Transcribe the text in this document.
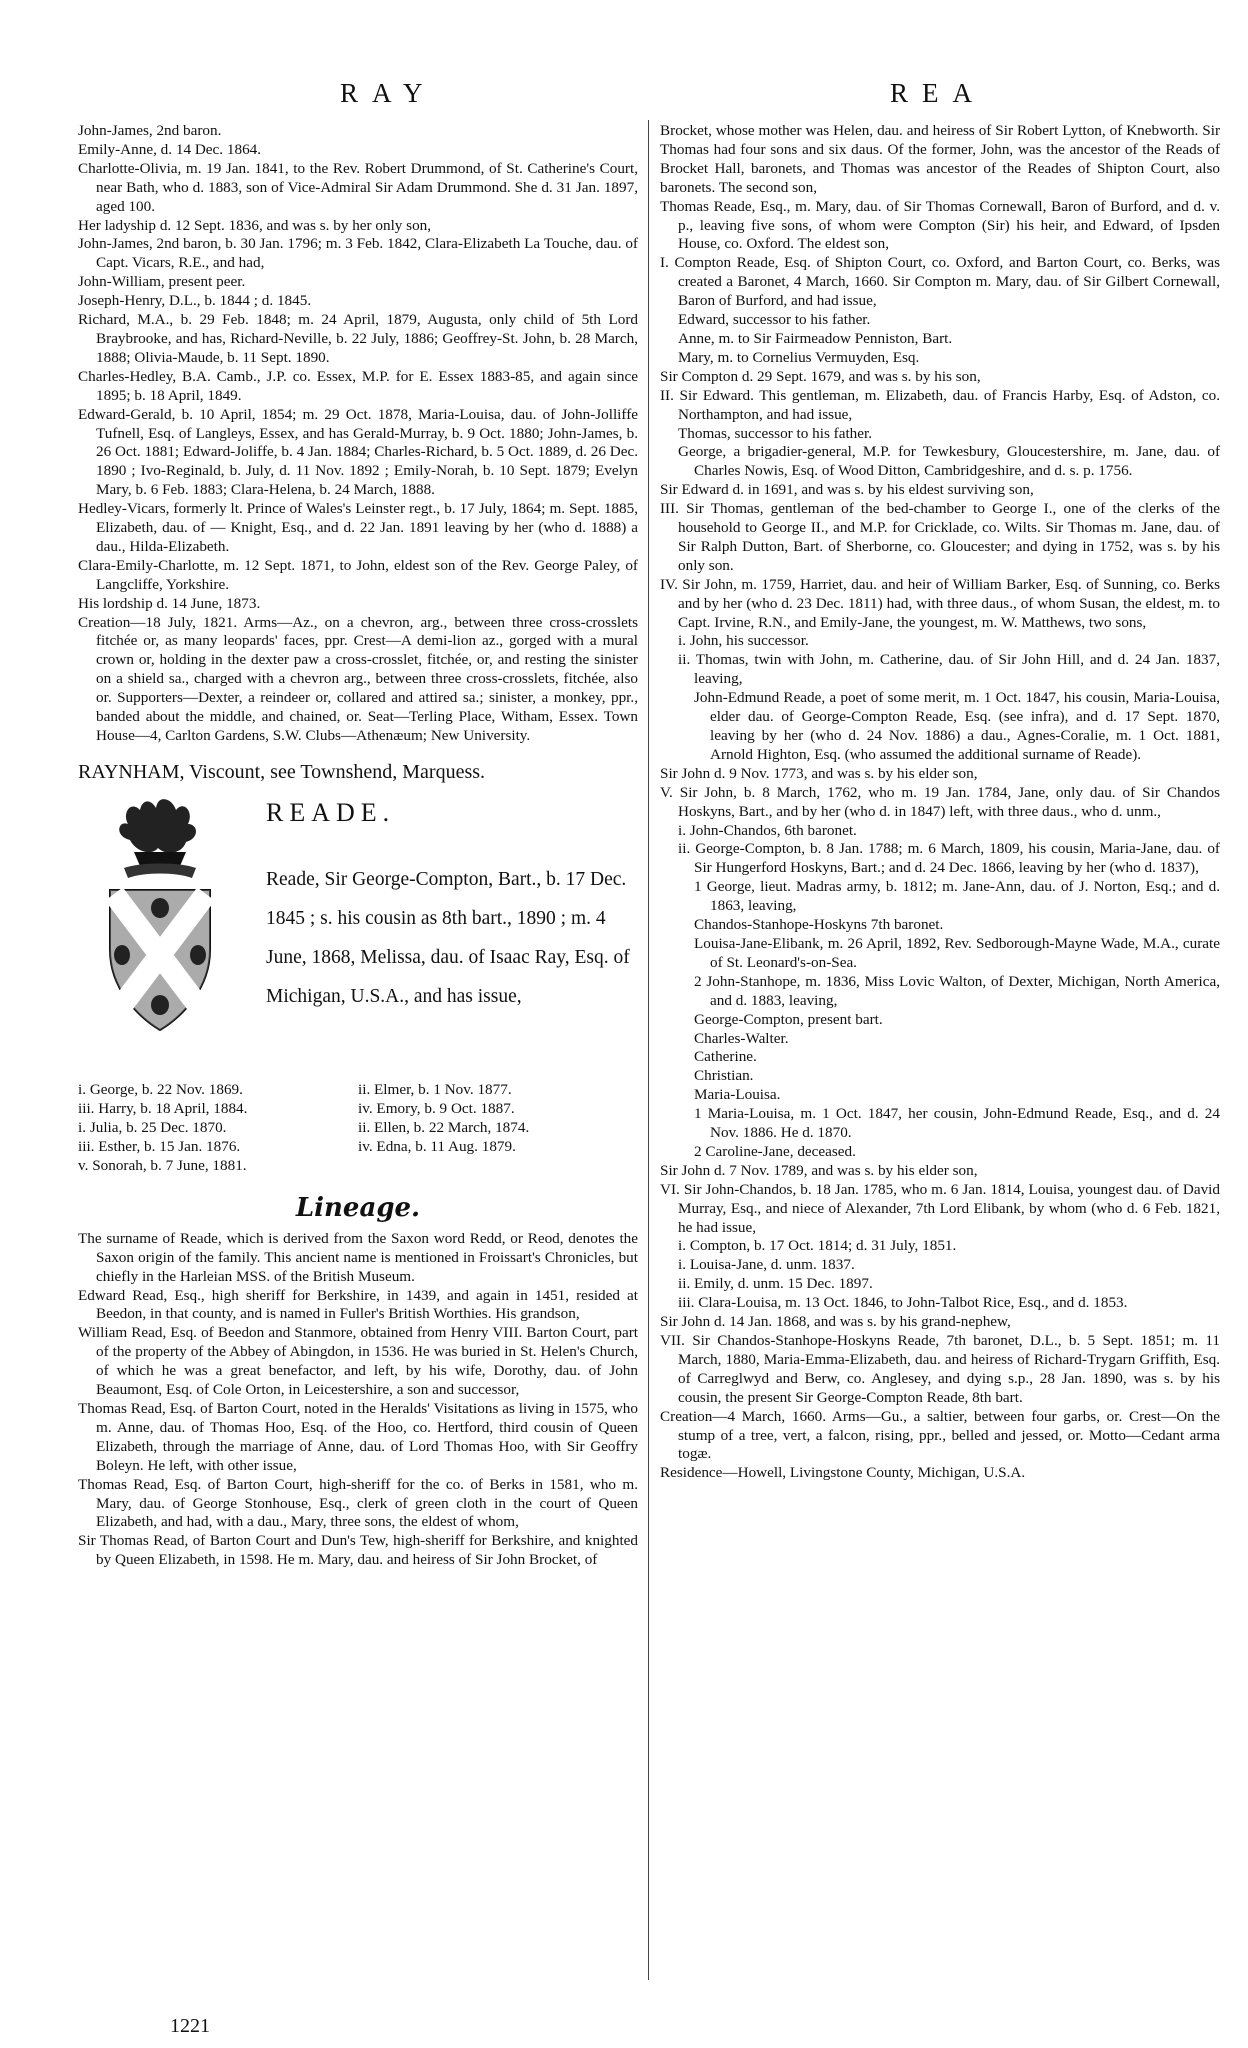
RAY	REA

John-James, 2nd baron.

Emily-Anne, d. 14 Dec. 1864.

Charlotte-Olivia, m. 19 Jan. 1841, to the Rev. Robert Drummond, of St. Catherine's Court, near Bath, who d. 1883, son of Vice-Admiral Sir Adam Drummond. She d. 31 Jan. 1897, aged 100.

Her ladyship d. 12 Sept. 1836, and was s. by her only son,

John-James, 2nd baron, b. 30 Jan. 1796; m. 3 Feb. 1842, Clara-Elizabeth La Touche, dau. of Capt. Vicars, R.E., and had,

John-William, present peer.

Joseph-Henry, D.L., b. 1844 ; d. 1845.

Richard, M.A., b. 29 Feb. 1848; m. 24 April, 1879, Augusta, only child of 5th Lord Braybrooke, and has, Richard-Neville, b. 22 July, 1886; Geoffrey-St. John, b. 28 March, 1888; Olivia-Maude, b. 11 Sept. 1890.

Charles-Hedley, B.A. Camb., J.P. co. Essex, M.P. for E. Essex 1883-85, and again since 1895; b. 18 April, 1849.

Edward-Gerald, b. 10 April, 1854; m. 29 Oct. 1878, Maria-Louisa, dau. of John-Jolliffe Tufnell, Esq. of Langleys, Essex, and has Gerald-Murray, b. 9 Oct. 1880; John-James, b. 26 Oct. 1881; Edward-Joliffe, b. 4 Jan. 1884; Charles-Richard, b. 5 Oct. 1889, d. 26 Dec. 1890 ; Ivo-Reginald, b. July, d. 11 Nov. 1892 ; Emily-Norah, b. 10 Sept. 1879; Evelyn Mary, b. 6 Feb. 1883; Clara-Helena, b. 24 March, 1888.

Hedley-Vicars, formerly lt. Prince of Wales's Leinster regt., b. 17 July, 1864; m. Sept. 1885, Elizabeth, dau. of — Knight, Esq., and d. 22 Jan. 1891 leaving by her (who d. 1888) a dau., Hilda-Elizabeth.

Clara-Emily-Charlotte, m. 12 Sept. 1871, to John, eldest son of the Rev. George Paley, of Langcliffe, Yorkshire.

His lordship d. 14 June, 1873.

Creation—18 July, 1821. Arms—Az., on a chevron, arg., between three cross-crosslets fitchée or, as many leopards' faces, ppr. Crest—A demi-lion az., gorged with a mural crown or, holding in the dexter paw a cross-crosslet, fitchée, or, and resting the sinister on a shield sa., charged with a chevron arg., between three cross-crosslets, fitchée, also or. Supporters—Dexter, a reindeer or, collared and attired sa.; sinister, a monkey, ppr., banded about the middle, and chained, or. Seat—Terling Place, Witham, Essex. Town House—4, Carlton Gardens, S.W. Clubs—Athenæum; New University.

RAYNHAM, Viscount, see Townshend, Marquess.
READE.
Reade, Sir George-Compton, Bart., b. 17 Dec. 1845 ; s. his cousin as 8th bart., 1890 ; m. 4 June, 1868, Melissa, dau. of Isaac Ray, Esq. of Michigan, U.S.A., and has issue,
i. George, b. 22 Nov. 1869.	ii. Elmer, b. 1 Nov. 1877.
iii. Harry, b. 18 April, 1884.	iv. Emory, b. 9 Oct. 1887.
i. Julia, b. 25 Dec. 1870.	ii. Ellen, b. 22 March, 1874.
iii. Esther, b. 15 Jan. 1876.	iv. Edna, b. 11 Aug. 1879.
v. Sonorah, b. 7 June, 1881.
Lineage.

The surname of Reade, which is derived from the Saxon word Redd, or Reod, denotes the Saxon origin of the family. This ancient name is mentioned in Froissart's Chronicles, but chiefly in the Harleian MSS. of the British Museum.

Edward Read, Esq., high sheriff for Berkshire, in 1439, and again in 1451, resided at Beedon, in that county, and is named in Fuller's British Worthies. His grandson,

William Read, Esq. of Beedon and Stanmore, obtained from Henry VIII. Barton Court, part of the property of the Abbey of Abingdon, in 1536. He was buried in St. Helen's Church, of which he was a great benefactor, and left, by his wife, Dorothy, dau. of John Beaumont, Esq. of Cole Orton, in Leicestershire, a son and successor,

Thomas Read, Esq. of Barton Court, noted in the Heralds' Visitations as living in 1575, who m. Anne, dau. of Thomas Hoo, Esq. of the Hoo, co. Hertford, third cousin of Queen Elizabeth, through the marriage of Anne, dau. of Lord Thomas Hoo, with Sir Geoffry Boleyn. He left, with other issue,

Thomas Read, Esq. of Barton Court, high-sheriff for the co. of Berks in 1581, who m. Mary, dau. of George Stonhouse, Esq., clerk of green cloth in the court of Queen Elizabeth, and had, with a dau., Mary, three sons, the eldest of whom,

Sir Thomas Read, of Barton Court and Dun's Tew, high-sheriff for Berkshire, and knighted by Queen Elizabeth, in 1598. He m. Mary, dau. and heiress of Sir John Brocket, of

Brocket, whose mother was Helen, dau. and heiress of Sir Robert Lytton, of Knebworth. Sir Thomas had four sons and six daus. Of the former, John, was the ancestor of the Reads of Brocket Hall, baronets, and Thomas was ancestor of the Reades of Shipton Court, also baronets. The second son,

Thomas Reade, Esq., m. Mary, dau. of Sir Thomas Cornewall, Baron of Burford, and d. v. p., leaving five sons, of whom were Compton (Sir) his heir, and Edward, of Ipsden House, co. Oxford. The eldest son,

I. Compton Reade, Esq. of Shipton Court, co. Oxford, and Barton Court, co. Berks, was created a Baronet, 4 March, 1660. Sir Compton m. Mary, dau. of Sir Gilbert Cornewall, Baron of Burford, and had issue,

Edward, successor to his father.

Anne, m. to Sir Fairmeadow Penniston, Bart.

Mary, m. to Cornelius Vermuyden, Esq.

Sir Compton d. 29 Sept. 1679, and was s. by his son,

II. Sir Edward. This gentleman, m. Elizabeth, dau. of Francis Harby, Esq. of Adston, co. Northampton, and had issue,

Thomas, successor to his father.

George, a brigadier-general, M.P. for Tewkesbury, Gloucestershire, m. Jane, dau. of Charles Nowis, Esq. of Wood Ditton, Cambridgeshire, and d. s. p. 1756.

Sir Edward d. in 1691, and was s. by his eldest surviving son,

III. Sir Thomas, gentleman of the bed-chamber to George I., one of the clerks of the household to George II., and M.P. for Cricklade, co. Wilts. Sir Thomas m. Jane, dau. of Sir Ralph Dutton, Bart. of Sherborne, co. Gloucester; and dying in 1752, was s. by his only son.

IV. Sir John, m. 1759, Harriet, dau. and heir of William Barker, Esq. of Sunning, co. Berks and by her (who d. 23 Dec. 1811) had, with three daus., of whom Susan, the eldest, m. to Capt. Irvine, R.N., and Emily-Jane, the youngest, m. W. Matthews, two sons,

i. John, his successor.

ii. Thomas, twin with John, m. Catherine, dau. of Sir John Hill, and d. 24 Jan. 1837, leaving,

John-Edmund Reade, a poet of some merit, m. 1 Oct. 1847, his cousin, Maria-Louisa, elder dau. of George-Compton Reade, Esq. (see infra), and d. 17 Sept. 1870, leaving by her (who d. 24 Nov. 1886) a dau., Agnes-Coralie, m. 1 Oct. 1881, Arnold Highton, Esq. (who assumed the additional surname of Reade).

Sir John d. 9 Nov. 1773, and was s. by his elder son,

V. Sir John, b. 8 March, 1762, who m. 19 Jan. 1784, Jane, only dau. of Sir Chandos Hoskyns, Bart., and by her (who d. in 1847) left, with three daus., who d. unm.,

i. John-Chandos, 6th baronet.

ii. George-Compton, b. 8 Jan. 1788; m. 6 March, 1809, his cousin, Maria-Jane, dau. of Sir Hungerford Hoskyns, Bart.; and d. 24 Dec. 1866, leaving by her (who d. 1837),

1 George, lieut. Madras army, b. 1812; m. Jane-Ann, dau. of J. Norton, Esq.; and d. 1863, leaving,

Chandos-Stanhope-Hoskyns 7th baronet.

Louisa-Jane-Elibank, m. 26 April, 1892, Rev. Sedborough-Mayne Wade, M.A., curate of St. Leonard's-on-Sea.

2 John-Stanhope, m. 1836, Miss Lovic Walton, of Dexter, Michigan, North America, and d. 1883, leaving,

George-Compton, present bart.

Charles-Walter.

Catherine.

Christian.

Maria-Louisa.

1 Maria-Louisa, m. 1 Oct. 1847, her cousin, John-Edmund Reade, Esq., and d. 24 Nov. 1886. He d. 1870.

2 Caroline-Jane, deceased.

Sir John d. 7 Nov. 1789, and was s. by his elder son,

VI. Sir John-Chandos, b. 18 Jan. 1785, who m. 6 Jan. 1814, Louisa, youngest dau. of David Murray, Esq., and niece of Alexander, 7th Lord Elibank, by whom (who d. 6 Feb. 1821, he had issue,

i. Compton, b. 17 Oct. 1814; d. 31 July, 1851.

i. Louisa-Jane, d. unm. 1837.

ii. Emily, d. unm. 15 Dec. 1897.

iii. Clara-Louisa, m. 13 Oct. 1846, to John-Talbot Rice, Esq., and d. 1853.

Sir John d. 14 Jan. 1868, and was s. by his grand-nephew,

VII. Sir Chandos-Stanhope-Hoskyns Reade, 7th baronet, D.L., b. 5 Sept. 1851; m. 11 March, 1880, Maria-Emma-Elizabeth, dau. and heiress of Richard-Trygarn Griffith, Esq. of Carreglwyd and Berw, co. Anglesey, and dying s.p., 28 Jan. 1890, was s. by his cousin, the present Sir George-Compton Reade, 8th bart.

Creation—4 March, 1660. Arms—Gu., a saltier, between four garbs, or. Crest—On the stump of a tree, vert, a falcon, rising, ppr., belled and jessed, or. Motto—Cedant arma togæ.

Residence—Howell, Livingstone County, Michigan, U.S.A.

1221
